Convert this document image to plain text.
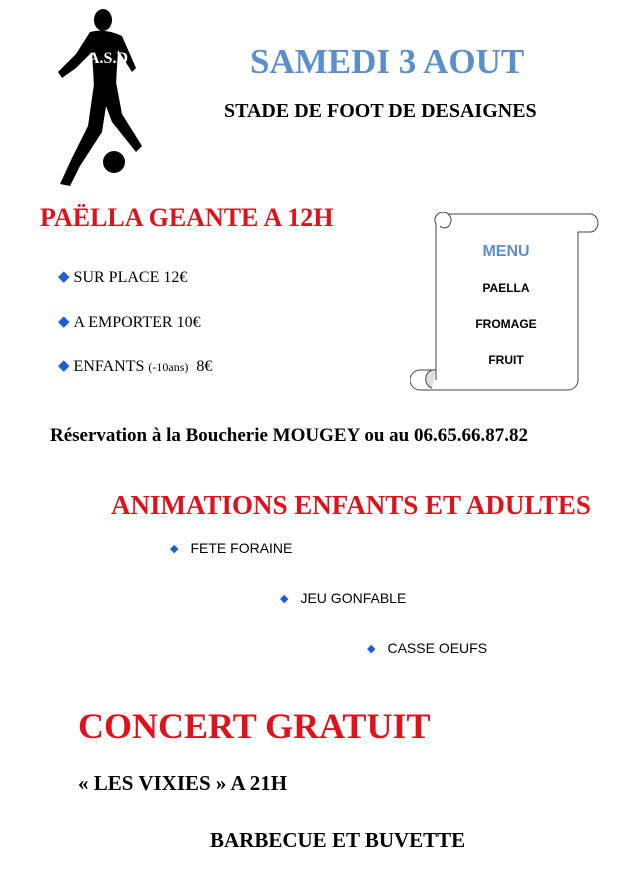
A.S.D	SAMEDI 3 AOUT
STADE DE FOOT DE DESAIGNES
PAËLLA GEANTE A 12H
◆ SUR PLACE 12€
◆ A EMPORTER 10€
◆ ENFANTS (-10ans) 8€
MENU
PAELLA
FROMAGE
FRUIT
Réservation à la Boucherie MOUGEY ou au 06.65.66.87.82
ANIMATIONS ENFANTS ET ADULTES
◆ FETE FORAINE
◆ JEU GONFABLE
◆ CASSE OEUFS
CONCERT GRATUIT
« LES VIXIES » A 21H
BARBECUE ET BUVETTE
